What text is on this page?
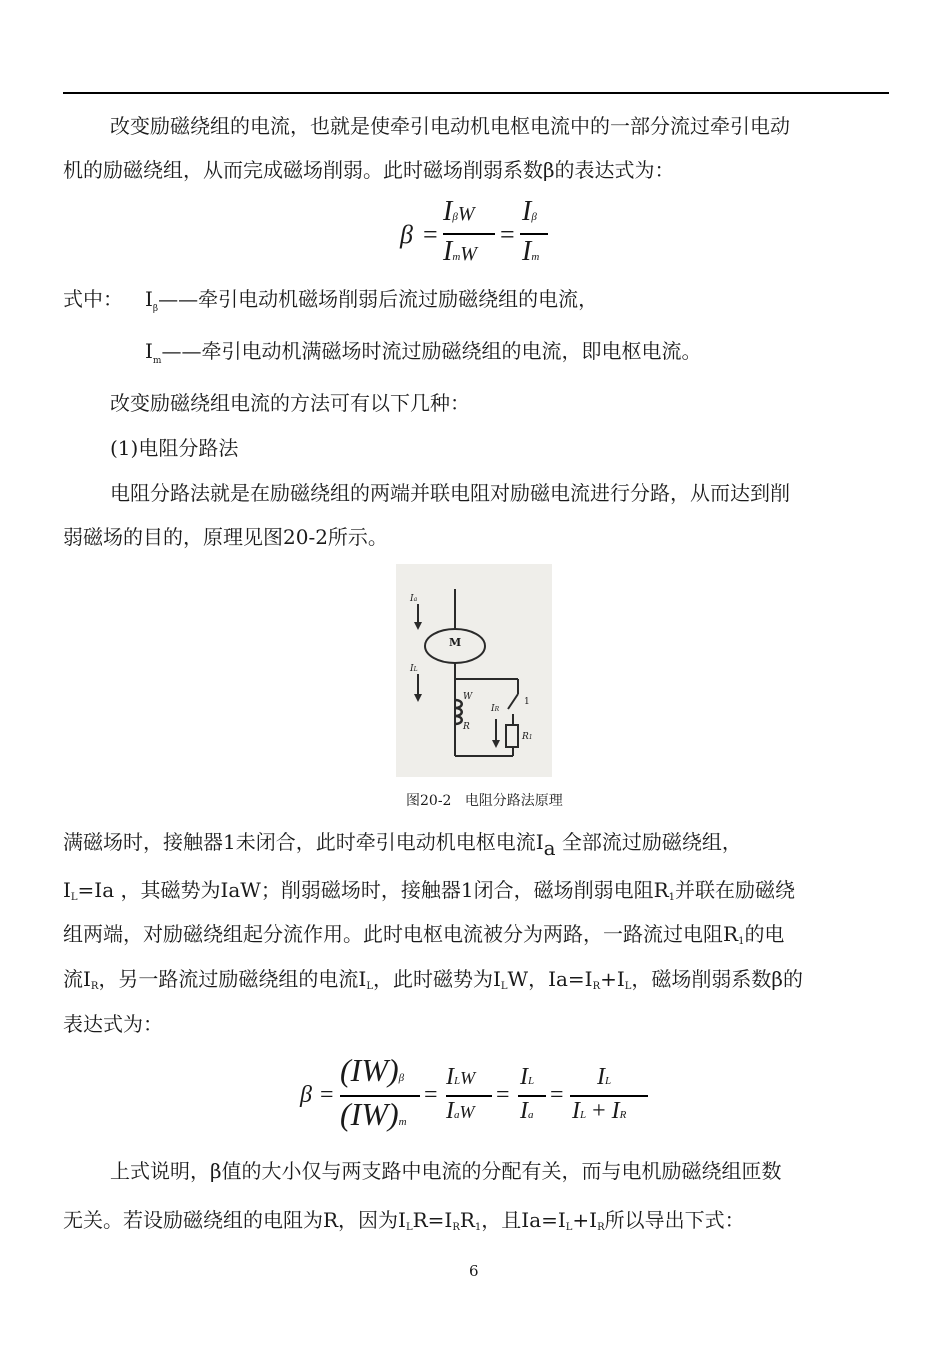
改变励磁绕组的电流，也就是使牵引电动机电枢电流中的一部分流过牵引电动
机的励磁绕组，从而完成磁场削弱。此时磁场削弱系数β的表达式为：
β =
IβW
ImW
=
Iβ
Im
式中： $I_\beta——$牵引电动机磁场削弱后流过励磁绕组的电流，
$I_m——$牵引电动机满磁场时流过励磁绕组的电流，即电枢电流。
改变励磁绕组电流的方法可有以下几种：
(1)电阻分路法
电阻分路法就是在励磁绕组的两端并联电阻对励磁电流进行分路，从而达到削
弱磁场的目的，原理见图20-2所示。
M
Ia
IL
W
R
IR
1
R1
图20-2 电阻分路法原理
满磁场时，接触器1未闭合，此时牵引电动机电枢电流Ia 全部流过励磁绕组，
IL=Ia ，其磁势为IaW；削弱磁场时，接触器1闭合，磁场削弱电阻R1并联在励磁绕
组两端，对励磁绕组起分流作用。此时电枢电流被分为两路，一路流过电阻R1的电
流IR，另一路流过励磁绕组的电流IL，此时磁势为ILW，Ia=IR+IL，磁场削弱系数β的
表达式为：
β =
(IW)β
(IW)m
=
ILW
IaW
=
IL
Ia
=
IL
IL + IR
上式说明，β值的大小仅与两支路中电流的分配有关，而与电机励磁绕组匝数
无关。若设励磁绕组的电阻为R，因为ILR=IRR1，且Ia=IL+IR所以导出下式：
6
